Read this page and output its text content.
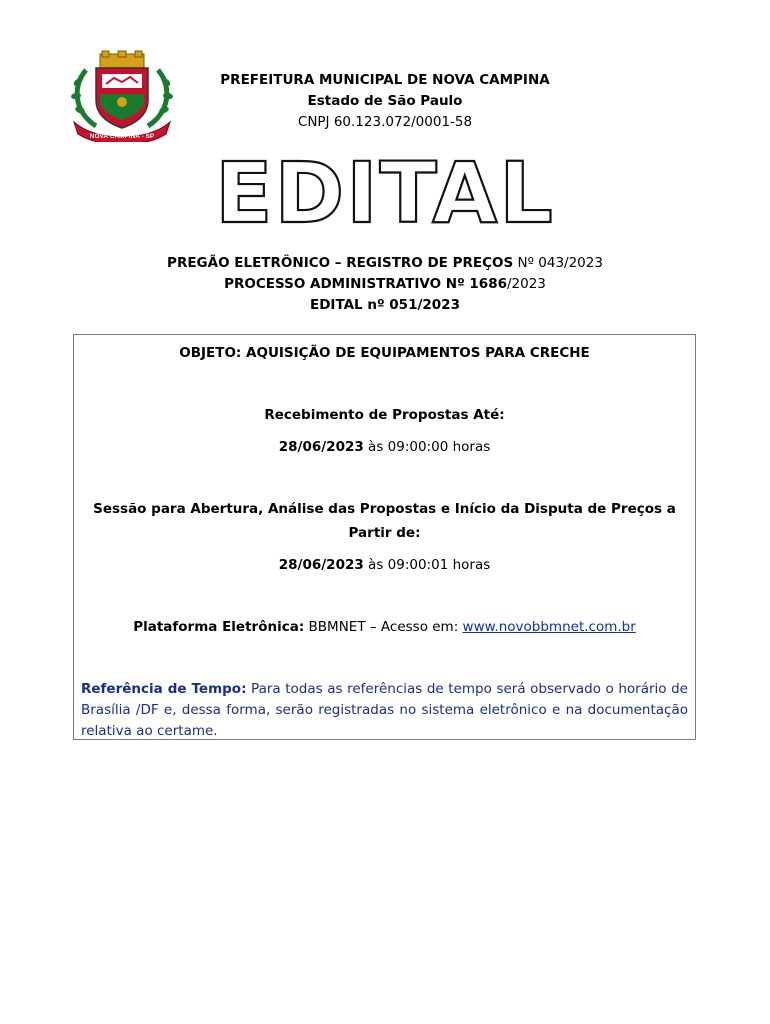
NOVA CAMPINA - SP
PREFEITURA MUNICIPAL DE NOVA CAMPINA
Estado de São Paulo
CNPJ 60.123.072/0001-58
EDITAL
PREGÃO ELETRÔNICO – REGISTRO DE PREÇOS Nº 043/2023
PROCESSO ADMINISTRATIVO Nº 1686/2023
EDITAL nº 051/2023
OBJETO: AQUISIÇÃO DE EQUIPAMENTOS PARA CRECHE
Recebimento de Propostas Até:
28/06/2023 às 09:00:00 horas
Sessão para Abertura, Análise das Propostas e Início da Disputa de Preços a
Partir de:
28/06/2023 às 09:00:01 horas
Plataforma Eletrônica: BBMNET – Acesso em: www.novobbmnet.com.br
Referência de Tempo: Para todas as referências de tempo será observado o horário de Brasília /DF e, dessa forma, serão registradas no sistema eletrônico e na documentação relativa ao certame.
